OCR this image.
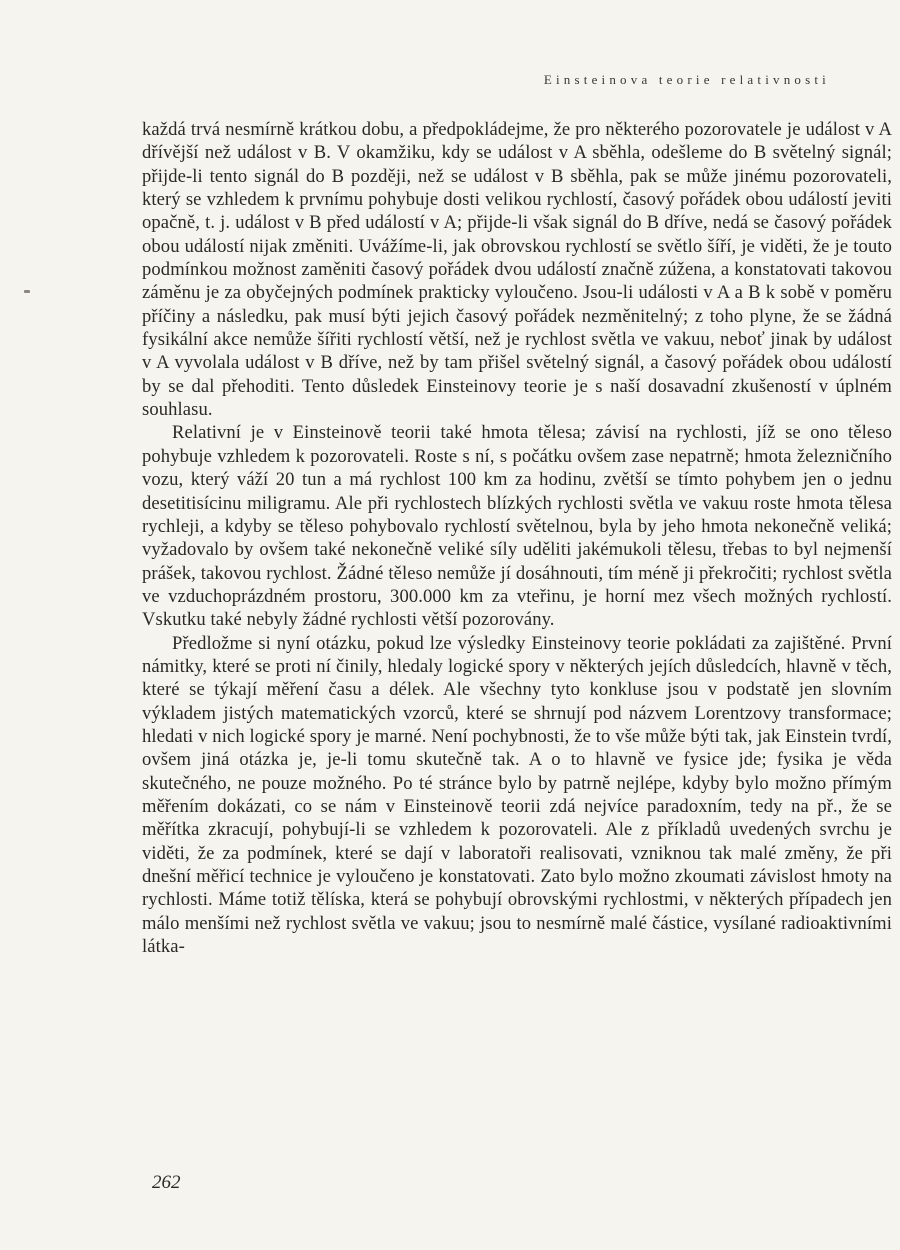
Einsteinova teorie relativnosti

každá trvá nesmírně krátkou dobu, a předpokládejme, že pro některého pozorovatele je událost v A dřívější než událost v B. V okamžiku, kdy se událost v A sběhla, odešleme do B světelný signál; přijde-li tento signál do B později, než se událost v B sběhla, pak se může jinému pozorovateli, který se vzhledem k prvnímu pohybuje dosti velikou rychlostí, časový pořádek obou událostí jeviti opačně, t. j. událost v B před událostí v A; přijde-li však signál do B dříve, nedá se časový pořádek obou událostí nijak změniti. Uvážíme-li, jak obrovskou rychlostí se světlo šíří, je viděti, že je touto podmínkou možnost zaměniti časový pořádek dvou událostí značně zúžena, a konstatovati takovou záměnu je za obyčejných podmínek prakticky vyloučeno. Jsou-li události v A a B k sobě v poměru příčiny a následku, pak musí býti jejich časový pořádek nezměnitelný; z toho plyne, že se žádná fysikální akce nemůže šířiti rychlostí větší, než je rychlost světla ve vakuu, neboť jinak by událost v A vyvolala událost v B dříve, než by tam přišel světelný signál, a časový pořádek obou událostí by se dal přehoditi. Tento důsledek Einsteinovy teorie je s naší dosavadní zkušeností v úplném souhlasu.

Relativní je v Einsteinově teorii také hmota tělesa; závisí na rychlosti, jíž se ono těleso pohybuje vzhledem k pozorovateli. Roste s ní, s počátku ovšem zase nepatrně; hmota železničního vozu, který váží 20 tun a má rychlost 100 km za hodinu, zvětší se tímto pohybem jen o jednu desetitisícinu miligramu. Ale při rychlostech blízkých rychlosti světla ve vakuu roste hmota tělesa rychleji, a kdyby se těleso pohybovalo rychlostí světelnou, byla by jeho hmota nekonečně veliká; vyžadovalo by ovšem také nekonečně veliké síly uděliti jakémukoli tělesu, třebas to byl nejmenší prášek, takovou rychlost. Žádné těleso nemůže jí dosáhnouti, tím méně ji překročiti; rychlost světla ve vzduchoprázdném prostoru, 300.000 km za vteřinu, je horní mez všech možných rychlostí. Vskutku také nebyly žádné rychlosti větší pozorovány.

Předložme si nyní otázku, pokud lze výsledky Einsteinovy teorie pokládati za zajištěné. První námitky, které se proti ní činily, hledaly logické spory v některých jejích důsledcích, hlavně v těch, které se týkají měření času a délek. Ale všechny tyto konkluse jsou v podstatě jen slovním výkladem jistých matematických vzorců, které se shrnují pod názvem Lorentzovy transformace; hledati v nich logické spory je marné. Není pochybnosti, že to vše může býti tak, jak Einstein tvrdí, ovšem jiná otázka je, je-li tomu skutečně tak. A o to hlavně ve fysice jde; fysika je věda skutečného, ne pouze možného. Po té stránce bylo by patrně nejlépe, kdyby bylo možno přímým měřením dokázati, co se nám v Einsteinově teorii zdá nejvíce paradoxním, tedy na př., že se měřítka zkracují, pohybují-li se vzhledem k pozorovateli. Ale z příkladů uvedených svrchu je viděti, že za podmínek, které se dají v laboratoři realisovati, vzniknou tak malé změny, že při dnešní měřicí technice je vyloučeno je konstatovati. Zato bylo možno zkoumati závislost hmoty na rychlosti. Máme totiž tělíska, která se pohybují obrovskými rychlostmi, v některých případech jen málo menšími než rychlost světla ve vakuu; jsou to nesmírně malé částice, vysílané radioaktivními látka-

262
